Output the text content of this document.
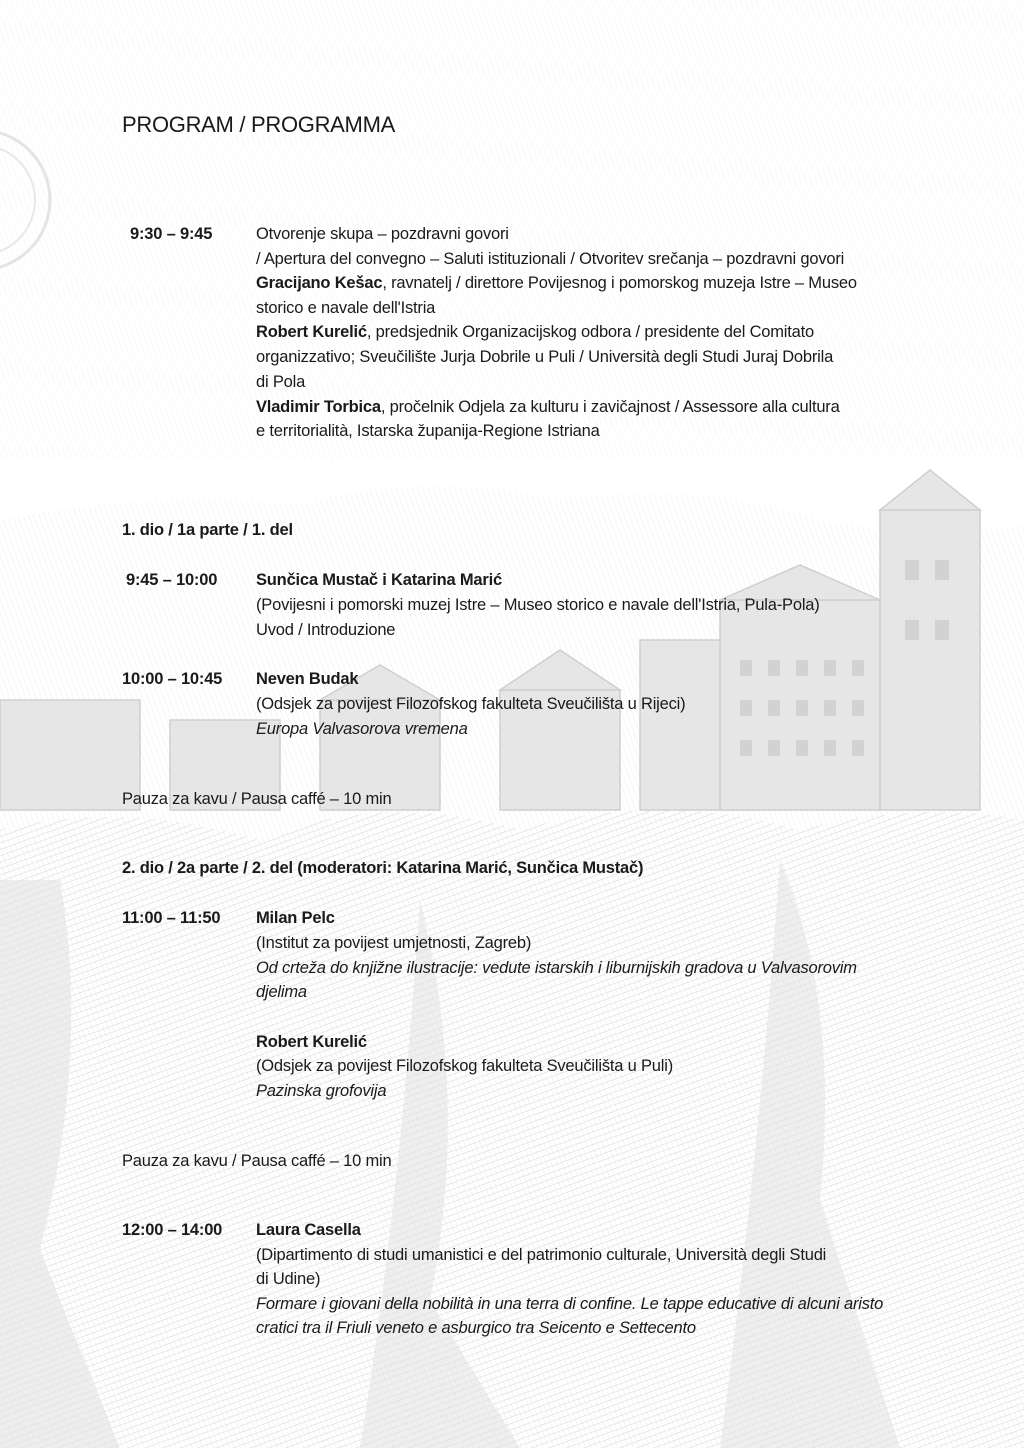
PROGRAM / PROGRAMMA
9:30 – 9:45	Otvorenje skupa – pozdravni govori
/ Apertura del convegno – Saluti istituzionali / Otvoritev srečanja – pozdravni govori
Gracijano Kešac, ravnatelj / direttore Povijesnog i pomorskog muzeja Istre – Museo
storico e navale dell'Istria
Robert Kurelić, predsjednik Organizacijskog odbora / presidente del Comitato
organizzativo; Sveučilište Jurja Dobrile u Puli / Università degli Studi Juraj Dobrila
di Pola
Vladimir Torbica, pročelnik Odjela za kulturu i zavičajnost / Assessore alla cultura
e territorialità, Istarska županija-Regione Istriana
1. dio / 1a parte / 1. del
9:45 – 10:00 Sunčica Mustač i Katarina Marić
(Povijesni i pomorski muzej Istre – Museo storico e navale dell'Istria, Pula-Pola)
Uvod / Introduzione
10:00 – 10:45 Neven Budak
(Odsjek za povijest Filozofskog fakulteta Sveučilišta u Rijeci)
Europa Valvasorova vremena
Pauza za kavu / Pausa caffé – 10 min
2. dio / 2a parte / 2. del (moderatori: Katarina Marić, Sunčica Mustač)
11:00 – 11:50 Milan Pelc
(Institut za povijest umjetnosti, Zagreb)
Od crteža do knjižne ilustracije: vedute istarskih i liburnijskih gradova u Valvasorovim
djelima
Robert Kurelić
(Odsjek za povijest Filozofskog fakulteta Sveučilišta u Puli)
Pazinska grofovija
Pauza za kavu / Pausa caffé – 10 min
12:00 – 14:00 Laura Casella
(Dipartimento di studi umanistici e del patrimonio culturale, Università degli Studi
di Udine)
Formare i giovani della nobilità in una terra di confine. Le tappe educative di alcuni aristo
cratici tra il Friuli veneto e asburgico tra Seicento e Settecento
